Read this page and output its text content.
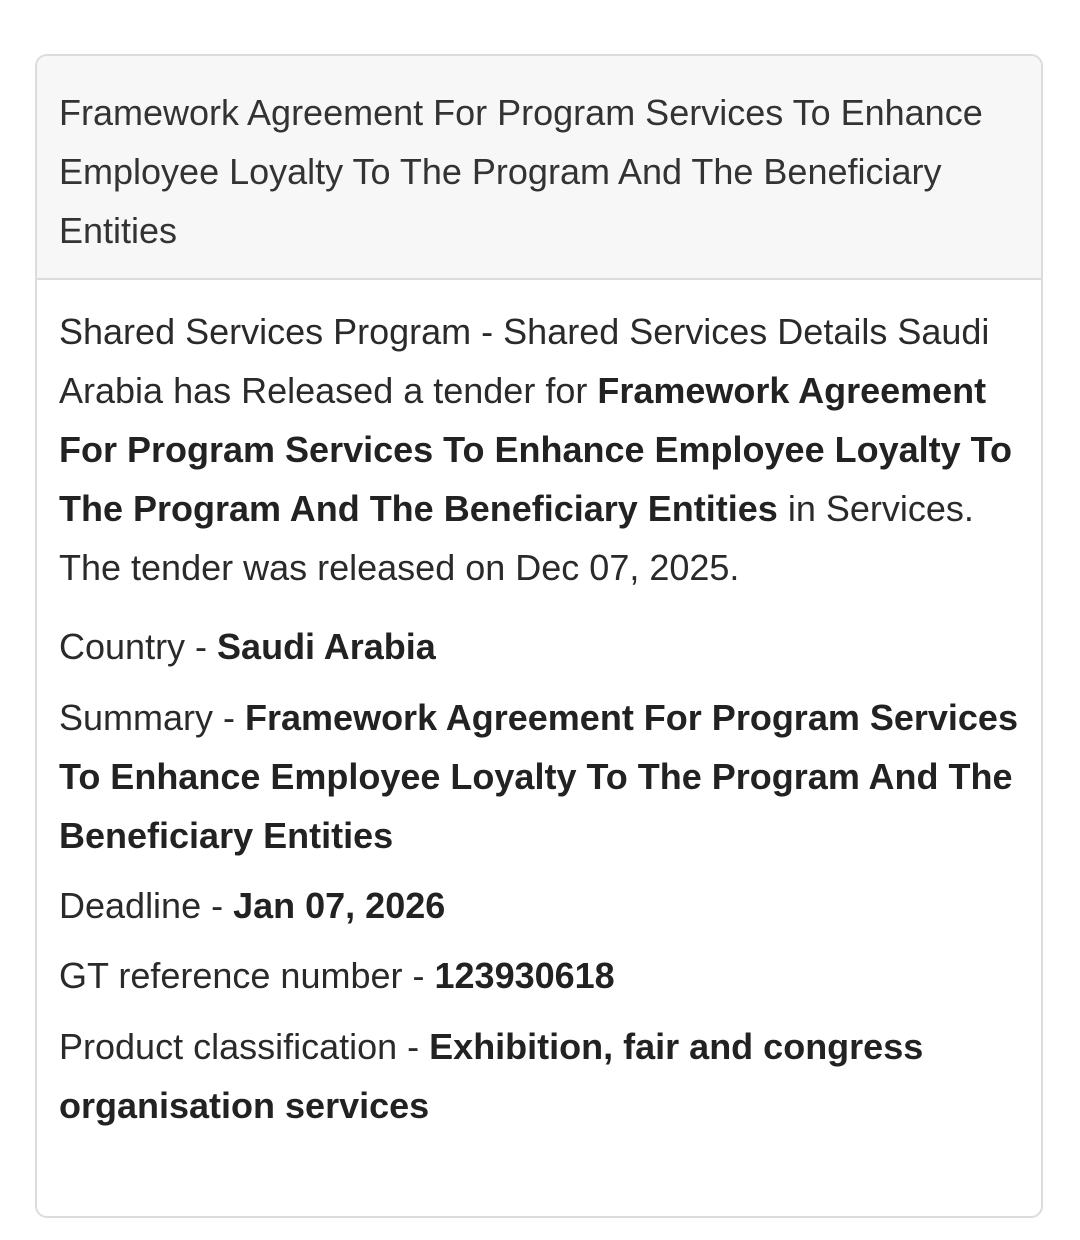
Framework Agreement For Program Services To Enhance Employee Loyalty To The Program And The Beneficiary Entities

Shared Services Program - Shared Services Details Saudi Arabia has Released a tender for Framework Agreement For Program Services To Enhance Employee Loyalty To The Program And The Beneficiary Entities in Services. The tender was released on Dec 07, 2025.

Country - Saudi Arabia

Summary - Framework Agreement For Program Services To Enhance Employee Loyalty To The Program And The Beneficiary Entities

Deadline - Jan 07, 2026

GT reference number - 123930618

Product classification - Exhibition, fair and congress organisation services
